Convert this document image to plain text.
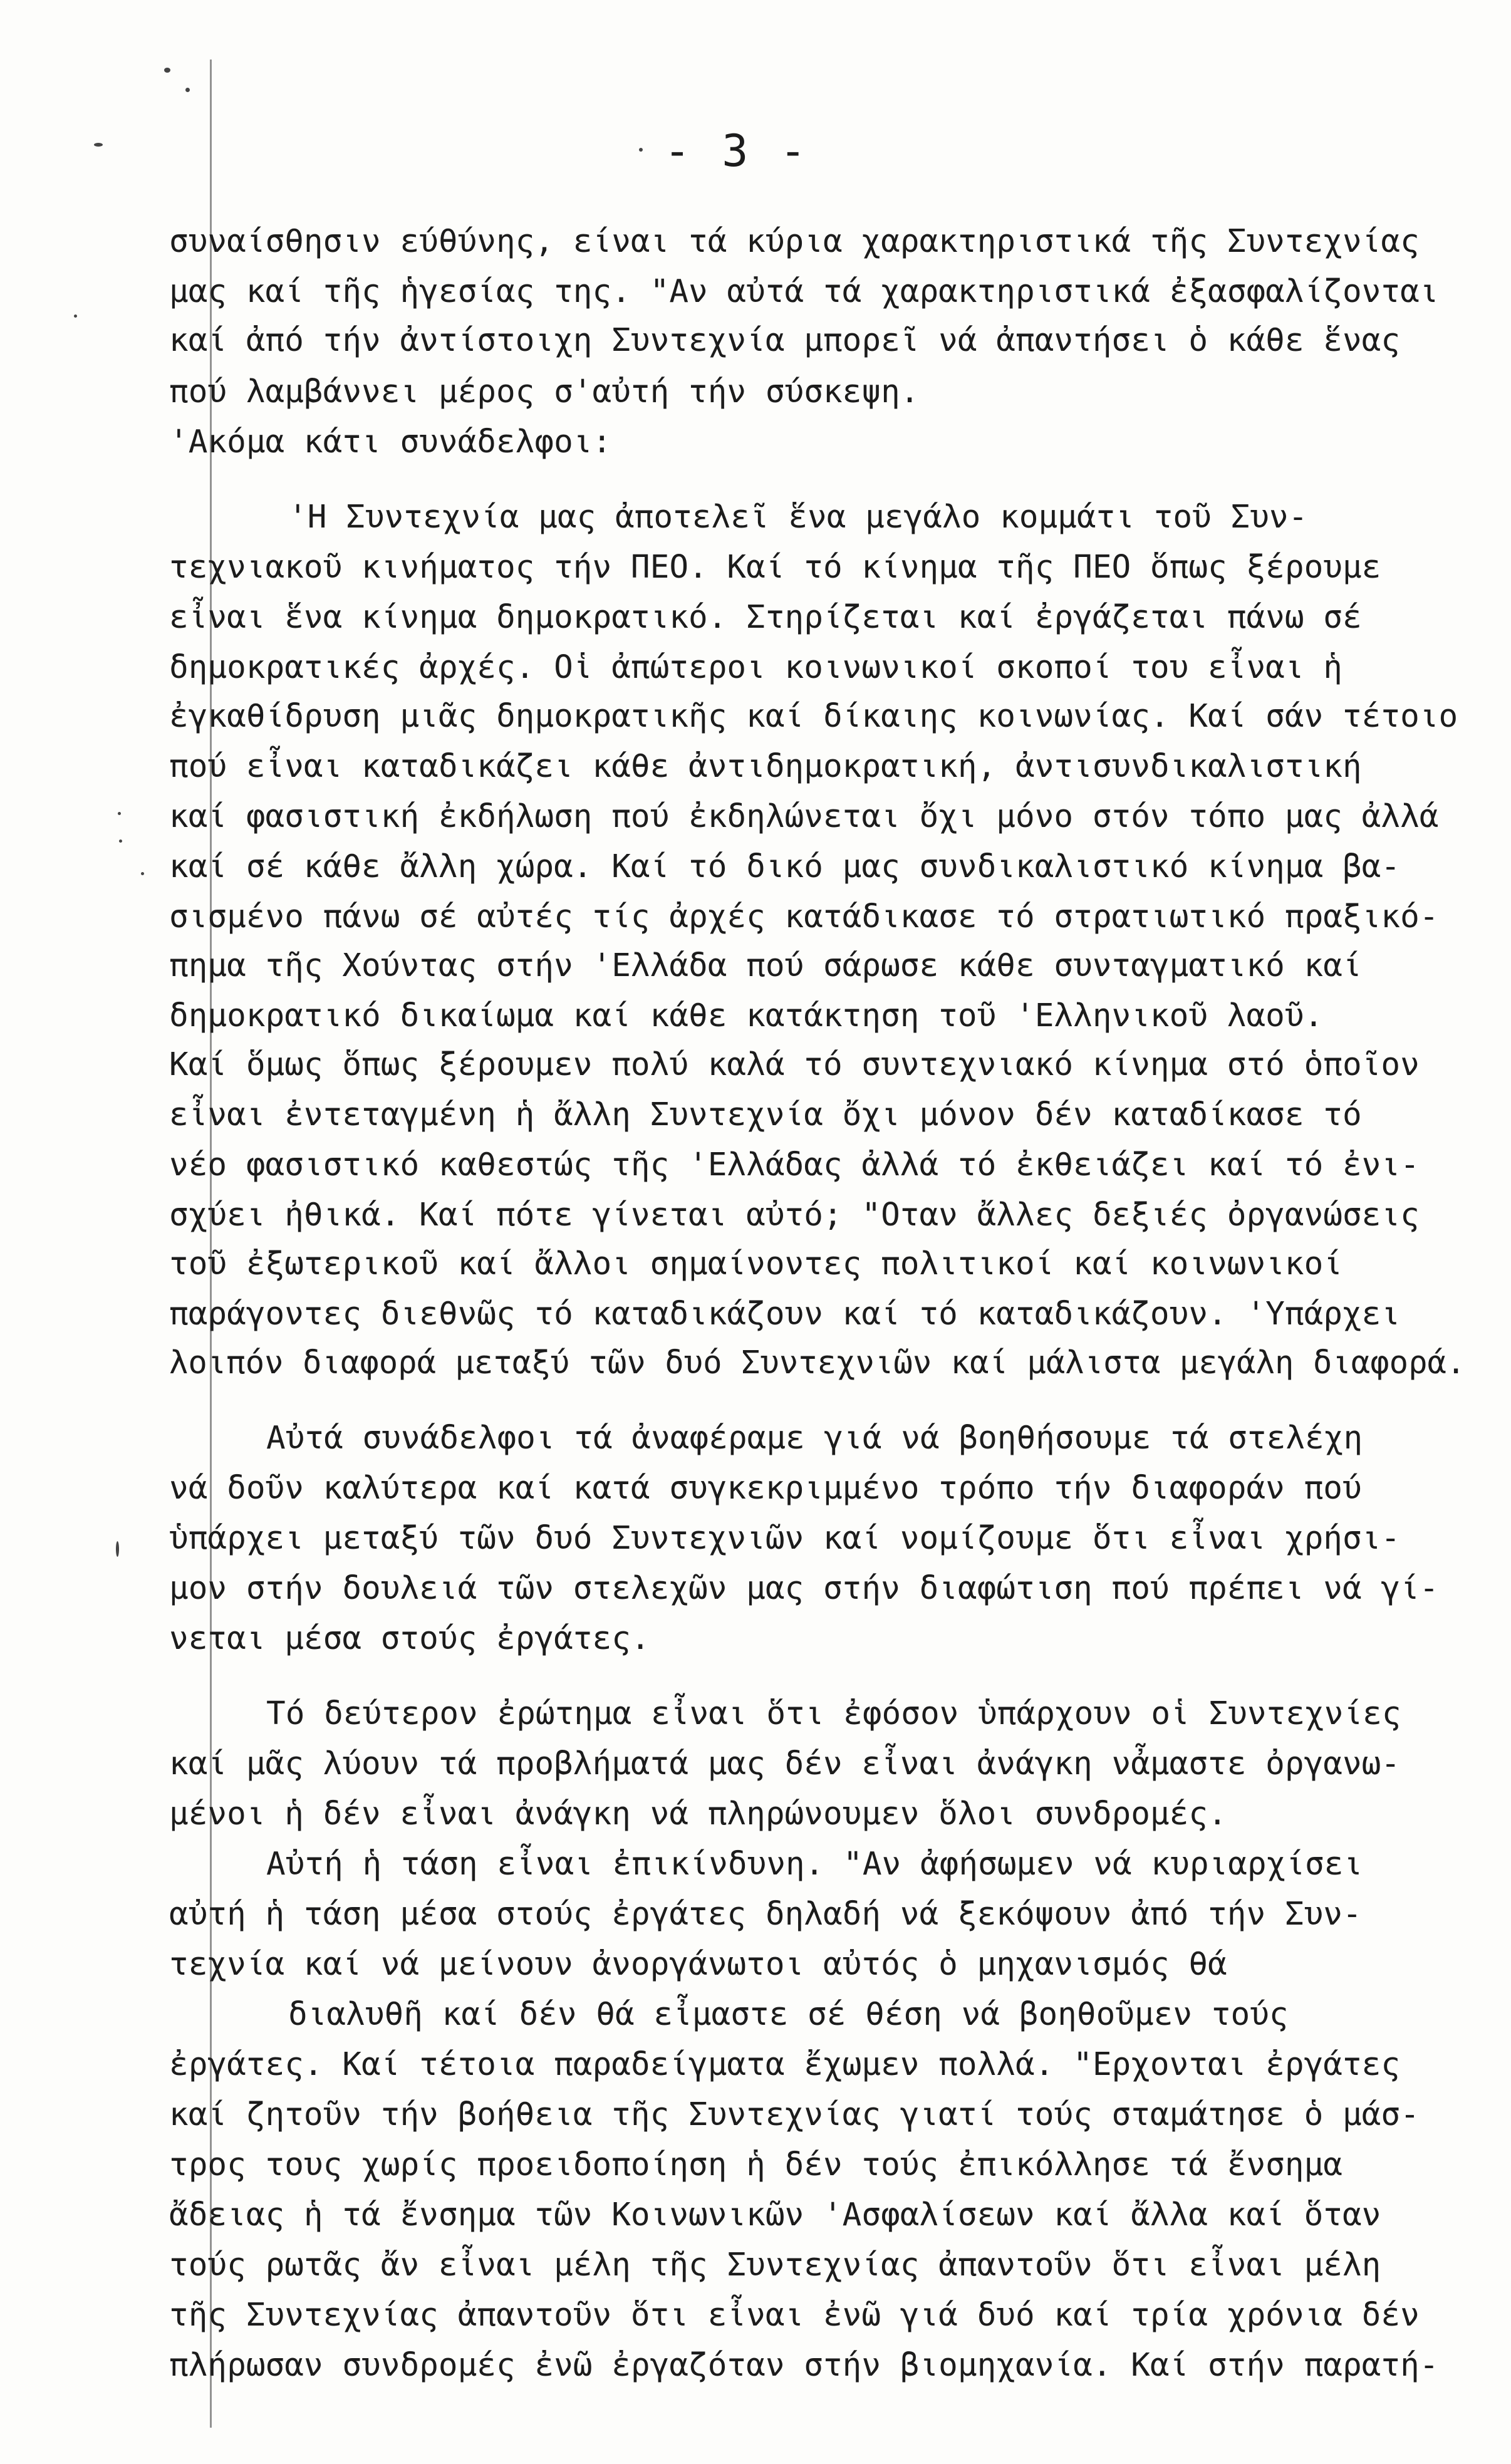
- 3 -
συναίσθησιν εύθύνης, είναι τά κύρια χαρακτηριστικά τῆς Συντεχνίας
μας καί τῆς ἡγεσίας της. "Αν αὐτά τά χαρακτηριστικά ἐξασφαλίζονται
καί ἀπό τήν ἀντίστοιχη Συντεχνία μπορεῖ νά ἀπαντήσει ὁ κάθε ἕνας
πού λαμβάννει μέρος σ'αὐτή τήν σύσκεψη.
'Ακόμα κάτι συνάδελφοι:
'Η Συντεχνία μας ἀποτελεῖ ἕνα μεγάλο κομμάτι τοῦ Συν-
τεχνιακοῦ κινήματος τήν ΠΕΟ. Καί τό κίνημα τῆς ΠΕΟ ὅπως ξέρουμε
εἶναι ἕνα κίνημα δημοκρατικό. Στηρίζεται καί ἐργάζεται πάνω σέ
δημοκρατικές ἀρχές. Οἱ ἀπώτεροι κοινωνικοί σκοποί του εἶναι ἡ
ἐγκαθίδρυση μιᾶς δημοκρατικῆς καί δίκαιης κοινωνίας. Καί σάν τέτοιο
πού εἶναι καταδικάζει κάθε ἀντιδημοκρατική, ἀντισυνδικαλιστική
καί φασιστική ἐκδήλωση πού ἐκδηλώνεται ὄχι μόνο στόν τόπο μας ἀλλά
καί σέ κάθε ἄλλη χώρα. Καί τό δικό μας συνδικαλιστικό κίνημα βα-
σισμένο πάνω σέ αὐτές τίς ἀρχές κατάδικασε τό στρατιωτικό πραξικό-
πημα τῆς Χούντας στήν 'Ελλάδα πού σάρωσε κάθε συνταγματικό καί
δημοκρατικό δικαίωμα καί κάθε κατάκτηση τοῦ 'Ελληνικοῦ λαοῦ.
Καί ὅμως ὅπως ξέρουμεν πολύ καλά τό συντεχνιακό κίνημα στό ὁποῖον
εἶναι ἐντεταγμένη ἡ ἄλλη Συντεχνία ὄχι μόνον δέν καταδίκασε τό
νέο φασιστικό καθεστώς τῆς 'Ελλάδας ἀλλά τό ἐκθειάζει καί τό ἐνι-
σχύει ἠθικά. Καί πότε γίνεται αὐτό; "Οταν ἄλλες δεξιές ὀργανώσεις
τοῦ ἐξωτερικοῦ καί ἄλλοι σημαίνοντες πολιτικοί καί κοινωνικοί
παράγοντες διεθνῶς τό καταδικάζουν καί τό καταδικάζουν. 'Υπάρχει
λοιπόν διαφορά μεταξύ τῶν δυό Συντεχνιῶν καί μάλιστα μεγάλη διαφορά.
Αὐτά συνάδελφοι τά ἀναφέραμε γιά νά βοηθήσουμε τά στελέχη
νά δοῦν καλύτερα καί κατά συγκεκριμμένο τρόπο τήν διαφοράν πού
ὑπάρχει μεταξύ τῶν δυό Συντεχνιῶν καί νομίζουμε ὅτι εἶναι χρήσι-
μον στήν δουλειά τῶν στελεχῶν μας στήν διαφώτιση πού πρέπει νά γί-
νεται μέσα στούς ἐργάτες.
Τό δεύτερον ἐρώτημα εἶναι ὅτι ἐφόσον ὑπάρχουν οἱ Συντεχνίες
καί μᾶς λύουν τά προβλήματά μας δέν εἶναι ἀνάγκη νἆμαστε ὀργανω-
μένοι ἡ δέν εἶναι ἀνάγκη νά πληρώνουμεν ὅλοι συνδρομές.
Αὐτή ἡ τάση εἶναι ἐπικίνδυνη. "Αν ἀφήσωμεν νά κυριαρχίσει
αὐτή ἡ τάση μέσα στούς ἐργάτες δηλαδή νά ξεκόψουν ἀπό τήν Συν-
τεχνία καί νά μείνουν ἀνοργάνωτοι αὐτός ὁ μηχανισμός θά
διαλυθῆ καί δέν θά εἶμαστε σέ θέση νά βοηθοῦμεν τούς
ἐργάτες. Καί τέτοια παραδείγματα ἔχωμεν πολλά. "Ερχονται ἐργάτες
καί ζητοῦν τήν βοήθεια τῆς Συντεχνίας γιατί τούς σταμάτησε ὁ μάσ-
τρος τους χωρίς προειδοποίηση ἡ δέν τούς ἐπικόλλησε τά ἔνσημα
ἄδειας ἡ τά ἔνσημα τῶν Κοινωνικῶν 'Ασφαλίσεων καί ἄλλα καί ὅταν
τούς ρωτᾶς ἄν εἶναι μέλη τῆς Συντεχνίας ἀπαντοῦν ὅτι εἶναι μέλη
τῆς Συντεχνίας ἀπαντοῦν ὅτι εἶναι ἐνῶ γιά δυό καί τρία χρόνια δέν
πλήρωσαν συνδρομές ἐνῶ ἐργαζόταν στήν βιομηχανία. Καί στήν παρατή-
